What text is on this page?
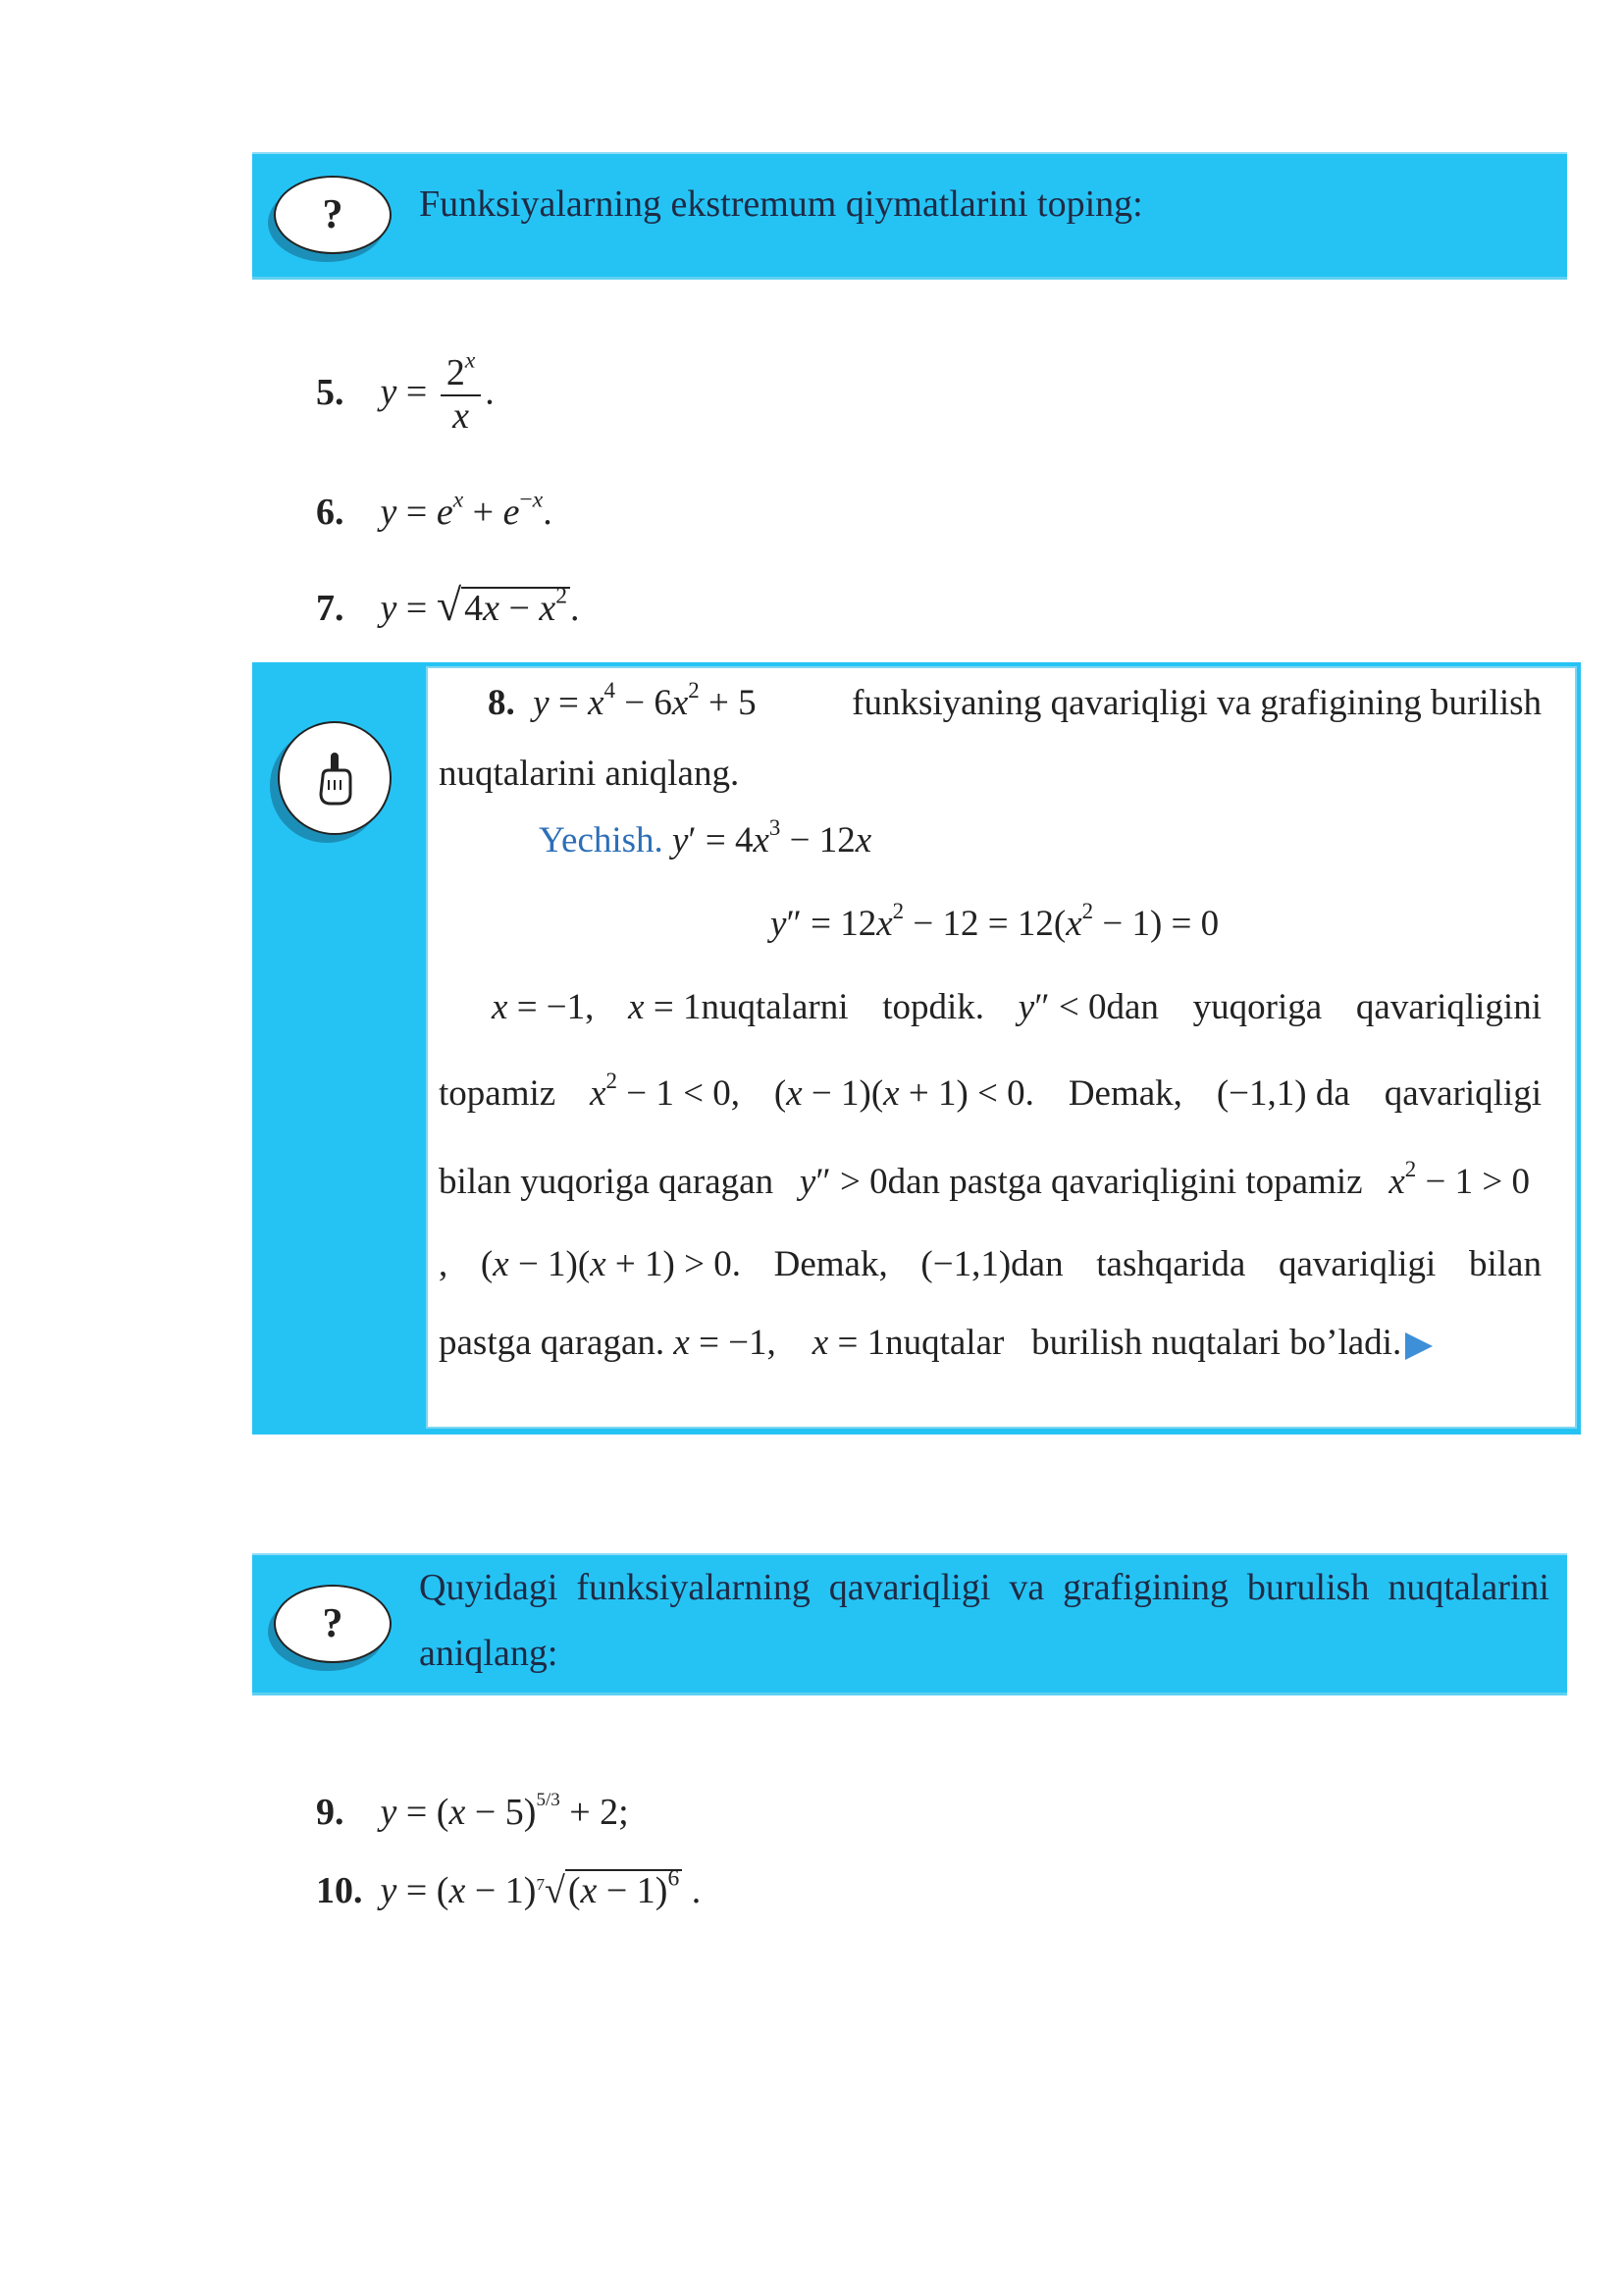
? Funksiyalarning ekstremum qiymatlarini toping:
5. $y = \frac{2^x}{x}$ .
6. $y = e^x + e^{-x}$.
7. $y = √4x - x^2$.
8. $y = x^4 - 6x^2 + 5$	funksiyaning qavariqligi va grafigining burilish
nuqtalarini aniqlang.
Yechish. $y' = 4x^3 - 12x$
$y'' = 12x^2 - 12 = 12(x^2 - 1) = 0$
x = −1, x = 1nuqtalarni topdik. y″ < 0dan yuqoriga qavariqligini
topamiz $x^2 - 1 < 0$, (x − 1)(x + 1) < 0. Demak, (−1,1) da qavariqligi
bilan yuqoriga qaragan y″ > 0dan pastga qavariqligini topamiz $x^2 - 1 > 0$
, (x − 1)(x + 1) > 0. Demak, (−1,1)dan tashqarida qavariqligi bilan
pastga qaragan. x = −1,    x = 1nuqtalar burilish nuqtalari bo’ladi.
?
Quyidagi funksiyalarning qavariqligi va grafigining burulish nuqtalarini aniqlang:
9. $y = (x - 5)^{5/3} + 2$;
10. $y = (x - 1)^7√(x - 1)^6$ .
